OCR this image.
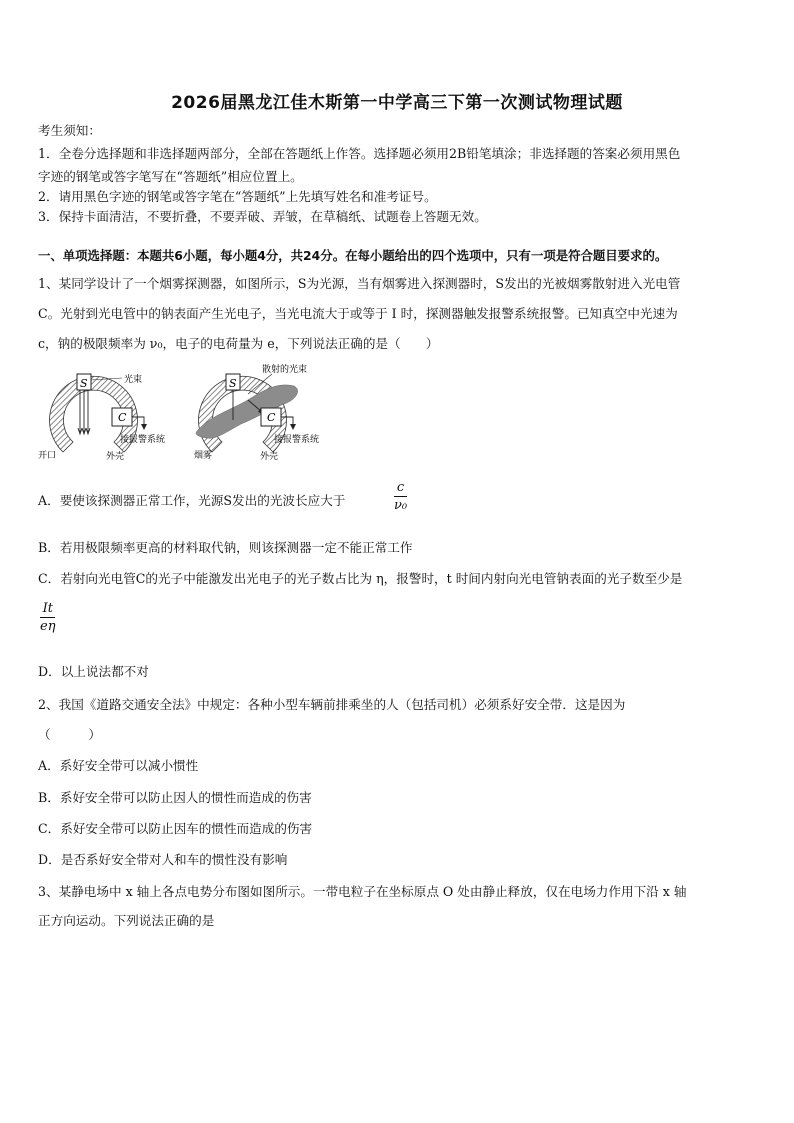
2026届黑龙江佳木斯第一中学高三下第一次测试物理试题
考生须知：
1．全卷分选择题和非选择题两部分，全部在答题纸上作答。选择题必须用2B铅笔填涂；非选择题的答案必须用黑色
字迹的钢笔或答字笔写在“答题纸”相应位置上。
2．请用黑色字迹的钢笔或答字笔在“答题纸”上先填写姓名和准考证号。
3．保持卡面清洁，不要折叠，不要弄破、弄皱，在草稿纸、试题卷上答题无效。
一、单项选择题：本题共6小题，每小题4分，共24分。在每小题给出的四个选项中，只有一项是符合题目要求的。
1、某同学设计了一个烟雾探测器，如图所示，S为光源，当有烟雾进入探测器时，S发出的光被烟雾散射进入光电管
C。光射到光电管中的钠表面产生光电子，当光电流大于或等于 I 时，探测器触发报警系统报警。已知真空中光速为
c，钠的极限频率为 ν₀，电子的电荷量为 e，下列说法正确的是（　　）
S	光束
C
接报警系统
开口	外壳
S
散射的光束
C
接报警系统
烟雾	外壳
A．要使该探测器正常工作，光源S发出的光波长应大于
c
ν₀
B．若用极限频率更高的材料取代钠，则该探测器一定不能正常工作
C．若射向光电管C的光子中能激发出光电子的光子数占比为 η，报警时，t 时间内射向光电管钠表面的光子数至少是
It
eη
D．以上说法都不对
2、我国《道路交通安全法》中规定：各种小型车辆前排乘坐的人（包括司机）必须系好安全带．这是因为
（　　　）
A．系好安全带可以减小惯性
B．系好安全带可以防止因人的惯性而造成的伤害
C．系好安全带可以防止因车的惯性而造成的伤害
D．是否系好安全带对人和车的惯性没有影响
3、某静电场中 x 轴上各点电势分布图如图所示。一带电粒子在坐标原点 O 处由静止释放，仅在电场力作用下沿 x 轴
正方向运动。下列说法正确的是
